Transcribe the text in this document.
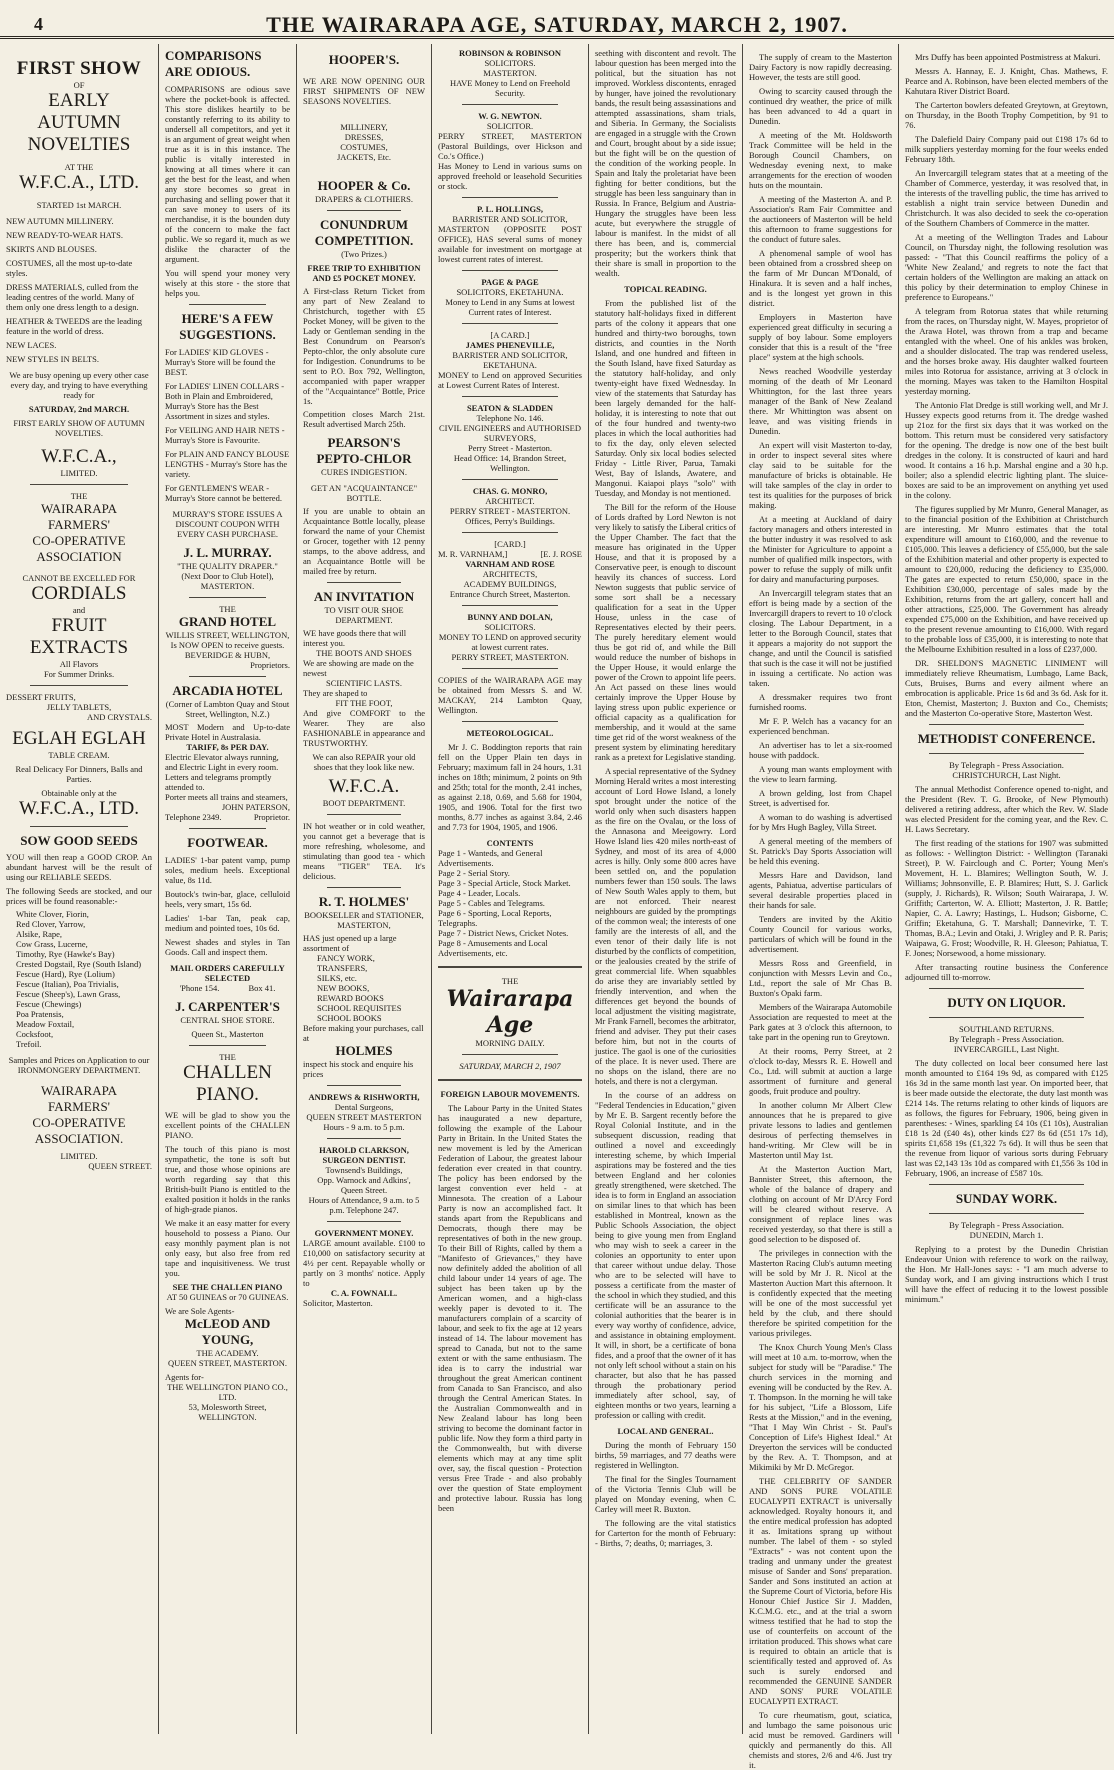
4	THE WAIRARAPA AGE, SATURDAY, MARCH 2, 1907.
FIRST SHOW
OF
EARLY
AUTUMN
NOVELTIES
AT THE
W.F.C.A., LTD.
STARTED 1st MARCH.
NEW AUTUMN MILLINERY.
NEW READY-TO-WEAR HATS.
SKIRTS AND BLOUSES.
COSTUMES, all the most up-to-date styles.
DRESS MATERIALS, culled from the leading centres of the world. Many of them only one dress length to a design.
HEATHER & TWEEDS are the leading feature in the world of dress.
NEW LACES.
NEW STYLES IN BELTS.
We are busy opening up every other case every day, and trying to have everything ready for
SATURDAY, 2nd MARCH.
FIRST EARLY SHOW OF AUTUMN NOVELTIES.
W.F.C.A.,
LIMITED.
THE
WAIRARAPA
FARMERS'
CO-OPERATIVE
ASSOCIATION
CANNOT BE EXCELLED FOR
CORDIALS
and
FRUIT EXTRACTS
All Flavors
For Summer Drinks.
DESSERT FRUITS,
JELLY TABLETS,
AND CRYSTALS.
EGLAH EGLAH
TABLE CREAM.
Real Delicacy For Dinners, Balls and Parties.
Obtainable only at the
W.F.C.A., LTD.
SOW GOOD SEEDS
YOU will then reap a GOOD CROP. An abundant harvest will be the result of using our RELIABLE SEEDS.
The following Seeds are stocked, and our prices will be found reasonable:-
White Clover, Fiorin,
Red Clover, Yarrow,
Alsike, Rape,
Cow Grass, Lucerne,
Timothy, Rye (Hawke's Bay)
Crested Dogstail, Rye (South Island)
Fescue (Hard), Rye (Lolium)
Fescue (Italian), Poa Trivialis,
Fescue (Sheep's), Lawn Grass,
Fescue (Chewings)
Poa Pratensis,
Meadow Foxtail,
Cocksfoot,
Trefoil.
Samples and Prices on Application to our IRONMONGERY DEPARTMENT.
WAIRARAPA
FARMERS'
CO-OPERATIVE
ASSOCIATION.
LIMITED.
QUEEN STREET.
COMPARISONS
ARE ODIOUS.
COMPARISONS are odious save where the pocket-book is affected. This store dislikes heartily to be constantly referring to its ability to undersell all competitors, and yet it is an argument of great weight when true as it is in this instance. The public is vitally interested in knowing at all times where it can get the best for the least, and when any store becomes so great in purchasing and selling power that it can save money to users of its merchandise, it is the bounden duty of the concern to make the fact public. We so regard it, much as we dislike the character of the argument.
You will spend your money very wisely at this store - the store that helps you.
HERE'S A FEW
SUGGESTIONS.
For LADIES' KID GLOVES - Murray's Store will be found the BEST.
For LADIES' LINEN COLLARS - Both in Plain and Embroidered, Murray's Store has the Best Assortment in sizes and styles.
For VEILING AND HAIR NETS - Murray's Store is Favourite.
For PLAIN AND FANCY BLOUSE LENGTHS - Murray's Store has the variety.
For GENTLEMEN'S WEAR - Murray's Store cannot be bettered.
MURRAY'S STORE ISSUES A DISCOUNT COUPON WITH EVERY CASH PURCHASE.
J. L. MURRAY.
"THE QUALITY DRAPER."
(Next Door to Club Hotel),
MASTERTON.
THE
GRAND HOTEL
WILLIS STREET, WELLINGTON,
Is NOW OPEN to receive guests.
BEVERIDGE & HUBN,
Proprietors.
ARCADIA HOTEL
(Corner of Lambton Quay and Stout Street, Wellington, N.Z.)
MOST Modern and Up-to-date Private Hotel in Australasia.
TARIFF, 8s PER DAY.
Electric Elevator always running, and Electric Light in every room.
Letters and telegrams promptly attended to.
Porter meets all trains and steamers,
JOHN PATERSON,
Telephone 2349.	Proprietor.
FOOTWEAR.
LADIES' 1-bar patent vamp, pump soles, medium heels. Exceptional value, 8s 11d.
Boutock's twin-bar, glace, celluloid heels, very smart, 15s 6d.
Ladies' 1-bar Tan, peak cap, medium and pointed toes, 10s 6d.
Newest shades and styles in Tan Goods. Call and inspect them.
MAIL ORDERS CAREFULLY SELECTED
'Phone 154.	Box 41.
J. CARPENTER'S
CENTRAL SHOE STORE.
Queen St., Masterton
THE
CHALLEN
PIANO.
WE will be glad to show you the excellent points of the CHALLEN PIANO.
The touch of this piano is most sympathetic, the tone is soft but true, and those whose opinions are worth regarding say that this British-built Piano is entitled to the exalted position it holds in the ranks of high-grade pianos.
We make it an easy matter for every household to possess a Piano. Our easy monthly payment plan is not only easy, but also free from red tape and inquisitiveness. We trust you.
SEE THE CHALLEN PIANO
AT 50 GUINEAS or 70 GUINEAS.
We are Sole Agents-
McLEOD AND YOUNG,
THE ACADEMY.
QUEEN STREET, MASTERTON.
Agents for-
THE WELLINGTON PIANO CO., LTD.
53, Molesworth Street,
WELLINGTON.
HOOPER'S.
WE ARE NOW OPENING OUR FIRST SHIPMENTS OF NEW SEASONS NOVELTIES.
MILLINERY,
DRESSES,
COSTUMES,
JACKETS, Etc.
HOOPER & Co.
DRAPERS & CLOTHIERS.
CONUNDRUM
COMPETITION.
(Two Prizes.)
FREE TRIP TO EXHIBITION AND £5 POCKET MONEY.
A First-class Return Ticket from any part of New Zealand to Christchurch, together with £5 Pocket Money, will be given to the Lady or Gentleman sending in the Best Conundrum on Pearson's Pepto-chlor, the only absolute cure for Indigestion. Conundrums to be sent to P.O. Box 792, Wellington, accompanied with paper wrapper of the "Acquaintance" Bottle, Price 1s.
Competition closes March 21st. Result advertised March 25th.
PEARSON'S
PEPTO-CHLOR
CURES INDIGESTION.
GET AN "ACQUAINTANCE" BOTTLE.
If you are unable to obtain an Acquaintance Bottle locally, please forward the name of your Chemist or Grocer, together with 12 penny stamps, to the above address, and an Acquaintance Bottle will be mailed free by return.
AN INVITATION
TO VISIT OUR SHOE DEPARTMENT.
WE have goods there that will interest you.
THE BOOTS AND SHOES
We are showing are made on the newest
SCIENTIFIC LASTS.
They are shaped to
FIT THE FOOT,
And give COMFORT to the Wearer. They are also FASHIONABLE in appearance and TRUSTWORTHY.
We can also REPAIR your old shoes that they look like new.
W.F.C.A.
BOOT DEPARTMENT.
IN hot weather or in cold weather, you cannot get a beverage that is more refreshing, wholesome, and stimulating than good tea - which means "TIGER" TEA. It's delicious.
R. T. HOLMES'
BOOKSELLER and STATIONER,
MASTERTON,
HAS just opened up a large assortment of
FANCY WORK,
TRANSFERS,
SILKS, etc.
NEW BOOKS,
REWARD BOOKS
SCHOOL REQUISITES
SCHOOL BOOKS
Before making your purchases, call at
HOLMES
inspect his stock and enquire his prices
ANDREWS & RISHWORTH,
Dental Surgeons,
QUEEN STREET MASTERTON
Hours - 9 a.m. to 5 p.m.
HAROLD CLARKSON, SURGEON DENTIST.
Townsend's Buildings,
Opp. Warnock and Adkins',
Queen Street.
Hours of Attendance, 9 a.m. to 5 p.m. Telephone 247.
GOVERNMENT MONEY.
LARGE amount available. £100 to £10,000 on satisfactory security at 4½ per cent. Repayable wholly or partly on 3 months' notice. Apply to
C. A. FOWNALL.
Solicitor, Masterton.
ROBINSON & ROBINSON
SOLICITORS.
MASTERTON.
HAVE Money to Lend on Freehold Security.
W. G. NEWTON.
SOLICITOR.
PERRY STREET, MASTERTON (Pastoral Buildings, over Hickson and Co.'s Office.)
Has Money to Lend in various sums on approved freehold or leasehold Securities or stock.
P. L. HOLLINGS,
BARRISTER AND SOLICITOR,
MASTERTON (OPPOSITE POST OFFICE), HAS several sums of money available for investment on mortgage at lowest current rates of interest.
PAGE & PAGE
SOLICITORS, EKETAHUNA.
Money to Lend in any Sums at lowest Current rates of Interest.
[A CARD.]
JAMES PHENEVILLE,
BARRISTER AND SOLICITOR,
EKETAHUNA.
MONEY to Lend on approved Securities at Lowest Current Rates of Interest.
SEATON & SLADDEN
Telephone No. 146.
CIVIL ENGINEERS and AUTHORISED SURVEYORS,
Perry Street - Masterton.
Head Office: 14, Brandon Street, Wellington.
CHAS. G. MONRO,
ARCHITECT.
PERRY STREET - MASTERTON.
Offices, Perry's Buildings.
[CARD.]
M. R. VARNHAM,]	[E. J. ROSE
VARNHAM AND ROSE
ARCHITECTS,
ACADEMY BUILDINGS,
Entrance Church Street, Masterton.
BUNNY AND DOLAN,
SOLICITORS.
MONEY TO LEND on approved security at lowest current rates.
PERRY STREET, MASTERTON.
COPIES of the WAIRARAPA AGE may be obtained from Messrs S. and W. MACKAY, 214 Lambton Quay, Wellington.
METEOROLOGICAL.
Mr J. C. Boddington reports that rain fell on the Upper Plain ten days in February; maximum fall in 24 hours, 1.31 inches on 18th; minimum, 2 points on 9th and 25th; total for the month, 2.41 inches, as against 2.18, 0.69, and 5.68 for 1904, 1905, and 1906. Total for the first two months, 8.77 inches as against 3.84, 2.46 and 7.73 for 1904, 1905, and 1906.
CONTENTS
Page 1 - Wanteds, and General Advertisements.
Page 2 - Serial Story.
Page 3 - Special Article, Stock Market.
Page 4 - Leader, Locals.
Page 5 - Cables and Telegrams.
Page 6 - Sporting, Local Reports, Telegraphs.
Page 7 - District News, Cricket Notes.
Page 8 - Amusements and Local Advertisements, etc.
THE
Wairarapa Age
MORNING DAILY.
SATURDAY, MARCH 2, 1907
FOREIGN LABOUR MOVEMENTS.
The Labour Party in the United States has inaugurated a new departure, following the example of the Labour Party in Britain. In the United States the new movement is led by the American Federation of Labour, the greatest labour federation ever created in that country. The policy has been endorsed by the largest convention ever held - at Minnesota. The creation of a Labour Party is now an accomplished fact. It stands apart from the Republicans and Democrats, though there may be representatives of both in the new group. To their Bill of Rights, called by them a "Manifesto of Grievances," they have now definitely added the abolition of all child labour under 14 years of age. The subject has been taken up by the American women, and a high-class weekly paper is devoted to it. The manufacturers complain of a scarcity of labour, and seek to fix the age at 12 years instead of 14. The labour movement has spread to Canada, but not to the same extent or with the same enthusiasm. The idea is to carry the industrial war throughout the great American continent from Canada to San Francisco, and also through the Central American States. In the Australian Commonwealth and in New Zealand labour has long been striving to become the dominant factor in public life. Now they form a third party in the Commonwealth, but with diverse elements which may at any time split over, say, the fiscal question - Protection versus Free Trade - and also probably over the question of State employment and protective labour. Russia has long been
seething with discontent and revolt. The labour question has been merged into the political, but the situation has not improved. Workless discontents, enraged by hunger, have joined the revolutionary bands, the result being assassinations and attempted assassinations, sham trials, and Siberia. In Germany, the Socialists are engaged in a struggle with the Crown and Court, brought about by a side issue; but the fight will be on the question of the condition of the working people. In Spain and Italy the proletariat have been fighting for better conditions, but the struggle has been less sanguinary than in Russia. In France, Belgium and Austria-Hungary the struggles have been less acute, but everywhere the struggle of labour is manifest. In the midst of all there has been, and is, commercial prosperity; but the workers think that their share is small in proportion to the wealth.
TOPICAL READING.
From the published list of the statutory half-holidays fixed in different parts of the colony it appears that one hundred and thirty-two boroughs, town districts, and counties in the North Island, and one hundred and fifteen in the South Island, have fixed Saturday as the statutory half-holiday, and only twenty-eight have fixed Wednesday. In view of the statements that Saturday has been largely demanded for the half-holiday, it is interesting to note that out of the four hundred and twenty-two places in which the local authorities had to fix the day, only eleven selected Saturday. Only six local bodies selected Friday - Little River, Parua, Tamaki West, Bay of Islands, Awatere, and Mangonui. Kaiapoi plays "solo" with Tuesday, and Monday is not mentioned.
The Bill for the reform of the House of Lords drafted by Lord Newton is not very likely to satisfy the Liberal critics of the Upper Chamber. The fact that the measure has originated in the Upper House, and that it is proposed by a Conservative peer, is enough to discount heavily its chances of success. Lord Newton suggests that public service of some sort shall be a necessary qualification for a seat in the Upper House, unless in the case of Representatives elected by their peers. The purely hereditary element would thus be got rid of, and while the Bill would reduce the number of bishops in the Upper House, it would enlarge the power of the Crown to appoint life peers. An Act passed on these lines would certainly improve the Upper House by laying stress upon public experience or official capacity as a qualification for membership, and it would at the same time get rid of the worst weakness of the present system by eliminating hereditary rank as a pretext for Legislative standing.
A special representative of the Sydney Morning Herald writes a most interesting account of Lord Howe Island, a lonely spot brought under the notice of the world only when such disasters happen as the fire on the Ovalau, or the loss of the Annasona and Meeigowry. Lord Howe Island lies 420 miles north-east of Sydney, and most of its area of 4,000 acres is hilly. Only some 800 acres have been settled on, and the population numbers fewer than 150 souls. The laws of New South Wales apply to them, but are not enforced. Their nearest neighbours are guided by the promptings of the common weal; the interests of one family are the interests of all, and the even tenor of their daily life is not disturbed by the conflicts of competition, or the jealousies created by the strife of great commercial life. When squabbles do arise they are invariably settled by friendly intervention, and when the differences get beyond the bounds of local adjustment the visiting magistrate, Mr Frank Farnell, becomes the arbitrator, friend and adviser. They put their cases before him, but not in the courts of justice. The gaol is one of the curiosities of the place. It is never used. There are no shops on the island, there are no hotels, and there is not a clergyman.
In the course of an address on "Federal Tendencies in Education," given by Mr E. B. Sargent recently before the Royal Colonial Institute, and in the subsequent discussion, reading that outlined a novel and exceedingly interesting scheme, by which Imperial aspirations may be fostered and the ties between England and her colonies greatly strengthened, were sketched. The idea is to form in England an association on similar lines to that which has been established in Montreal, known as the Public Schools Association, the object being to give young men from England who may wish to seek a career in the colonies an opportunity to enter upon that career without undue delay. Those who are to be selected will have to possess a certificate from the master of the school in which they studied, and this certificate will be an assurance to the colonial authorities that the bearer is in every way worthy of confidence, advice, and assistance in obtaining employment. It will, in short, be a certificate of bona fides, and a proof that the owner of it has not only left school without a stain on his character, but also that he has passed through the probationary period immediately after school, say, of eighteen months or two years, learning a profession or calling with credit.
LOCAL AND GENERAL.
During the month of February 150 births, 59 marriages, and 77 deaths were registered in Wellington.
The final for the Singles Tournament of the Victoria Tennis Club will be played on Monday evening, when C. Carley will meet R. Buxton.
The following are the vital statistics for Carterton for the month of February: - Births, 7; deaths, 0; marriages, 3.
The supply of cream to the Masterton Dairy Factory is now rapidly decreasing. However, the tests are still good.
Owing to scarcity caused through the continued dry weather, the price of milk has been advanced to 4d a quart in Dunedin.
A meeting of the Mt. Holdsworth Track Committee will be held in the Borough Council Chambers, on Wednesday evening next, to make arrangements for the erection of wooden huts on the mountain.
A meeting of the Masterton A. and P. Association's Ram Fair Committee and the auctioneers of Masterton will be held this afternoon to frame suggestions for the conduct of future sales.
A phenomenal sample of wool has been obtained from a crossbred sheep on the farm of Mr Duncan M'Donald, of Hinakura. It is seven and a half inches, and is the longest yet grown in this district.
Employers in Masterton have experienced great difficulty in securing a supply of boy labour. Some employers consider that this is a result of the "free place" system at the high schools.
News reached Woodville yesterday morning of the death of Mr Leonard Whittington, for the last three years manager of the Bank of New Zealand there. Mr Whittington was absent on leave, and was visiting friends in Dunedin.
An expert will visit Masterton to-day, in order to inspect several sites where clay said to be suitable for the manufacture of bricks is obtainable. He will take samples of the clay in order to test its qualities for the purposes of brick making.
At a meeting at Auckland of dairy factory managers and others interested in the butter industry it was resolved to ask the Minister for Agriculture to appoint a number of qualified milk inspectors, with power to refuse the supply of milk unfit for dairy and manufacturing purposes.
An Invercargill telegram states that an effort is being made by a section of the Invercargill drapers to revert to 10 o'clock closing. The Labour Department, in a letter to the Borough Council, states that it appears a majority do not support the change, and until the Council is satisfied that such is the case it will not be justified in issuing a certificate. No action was taken.
A dressmaker requires two front furnished rooms.
Mr F. P. Welch has a vacancy for an experienced benchman.
An advertiser has to let a six-roomed house with paddock.
A young man wants employment with the view to learn farming.
A brown gelding, lost from Chapel Street, is advertised for.
A woman to do washing is advertised for by Mrs Hugh Bagley, Villa Street.
A general meeting of the members of St. Patrick's Day Sports Association will be held this evening.
Messrs Hare and Davidson, land agents, Pahiatua, advertise particulars of several desirable properties placed in their hands for sale.
Tenders are invited by the Akitio County Council for various works, particulars of which will be found in the advertisement.
Messrs Ross and Greenfield, in conjunction with Messrs Levin and Co., Ltd., report the sale of Mr Chas B. Buxton's Opaki farm.
Members of the Wairarapa Automobile Association are requested to meet at the Park gates at 3 o'clock this afternoon, to take part in the opening run to Greytown.
At their rooms, Perry Street, at 2 o'clock to-day, Messrs R. E. Howell and Co., Ltd. will submit at auction a large assortment of furniture and general goods, fruit produce and poultry.
In another column Mr Albert Clew announces that he is prepared to give private lessons to ladies and gentlemen desirous of perfecting themselves in hand-writing. Mr Clew will be in Masterton until May 1st.
At the Masterton Auction Mart, Bannister Street, this afternoon, the whole of the balance of drapery and clothing on account of Mr D'Arcy Ford will be cleared without reserve. A consignment of replace lines was received yesterday, so that there is still a good selection to be disposed of.
The privileges in connection with the Masterton Racing Club's autumn meeting will be sold by Mr J. R. Nicol at the Masterton Auction Mart this afternoon. It is confidently expected that the meeting will be one of the most successful yet held by the club, and there should therefore be spirited competition for the various privileges.
The Knox Church Young Men's Class will meet at 10 a.m. to-morrow, when the subject for study will be "Paradise." The church services in the morning and evening will be conducted by the Rev. A. T. Thompson. In the morning he will take for his subject, "Life a Blossom, Life Rests at the Mission," and in the evening, "That I May Win Christ - St. Paul's Conception of Life's Highest Ideal." At Dreyerton the services will be conducted by the Rev. A. T. Thompson, and at Mikimiki by Mr D. McGregor.
THE CELEBRITY OF SANDER AND SONS PURE VOLATILE EUCALYPTI EXTRACT is universally acknowledged. Royalty honours it, and the entire medical profession has adopted it as. Imitations sprang up without number. The label of them - so styled "Extracts" - was not content upon the trading and unmany under the greatest misuse of Sander and Sons' preparation. Sander and Sons instituted an action at the Supreme Court of Victoria, before His Honour Chief Justice Sir J. Madden, K.C.M.G. etc., and at the trial a sworn witness testified that he had to stop the use of counterfeits on account of the irritation produced. This shows what care is required to obtain an article that is scientifically tested and approved of. As such is surely endorsed and recommended the GENUINE SANDER AND SONS' PURE VOLATILE EUCALYPTI EXTRACT.
To cure rheumatism, gout, sciatica, and lumbago the same poisonous uric acid must be removed. Gardiners will quickly and permanently do this. All chemists and stores, 2/6 and 4/6. Just try it.
Mrs Duffy has been appointed Postmistress at Makuri.
Messrs A. Hannay, E. J. Knight, Chas. Mathews, F. Pearce and A. Robinson, have been elected members of the Kahutara River District Board.
The Carterton bowlers defeated Greytown, at Greytown, on Thursday, in the Booth Trophy Competition, by 91 to 76.
The Dalefield Dairy Company paid out £198 17s 6d to milk suppliers yesterday morning for the four weeks ended February 18th.
An Invercargill telegram states that at a meeting of the Chamber of Commerce, yesterday, it was resolved that, in the interests of the travelling public, the time has arrived to establish a night train service between Dunedin and Christchurch. It was also decided to seek the co-operation of the Southern Chambers of Commerce in the matter.
At a meeting of the Wellington Trades and Labour Council, on Thursday night, the following resolution was passed: - "That this Council reaffirms the policy of a 'White New Zealand,' and regrets to note the fact that certain holders of the Wellington are making an attack on this policy by their determination to employ Chinese in preference to Europeans."
A telegram from Rotorua states that while returning from the races, on Thursday night, W. Mayes, proprietor of the Arawa Hotel, was thrown from a trap and became entangled with the wheel. One of his ankles was broken, and a shoulder dislocated. The trap was rendered useless, and the horses broke away. His daughter walked fourteen miles into Rotorua for assistance, arriving at 3 o'clock in the morning. Mayes was taken to the Hamilton Hospital yesterday morning.
The Antonio Flat Dredge is still working well, and Mr J. Hussey expects good returns from it. The dredge washed up 21oz for the first six days that it was worked on the bottom. This return must be considered very satisfactory for the opening. The dredge is now one of the best built dredges in the colony. It is constructed of kauri and hard wood. It contains a 16 h.p. Marshal engine and a 30 h.p. boiler; also a splendid electric lighting plant. The sluice-boxes are said to be an improvement on anything yet used in the colony.
The figures supplied by Mr Munro, General Manager, as to the financial position of the Exhibition at Christchurch are interesting. Mr Munro estimates that the total expenditure will amount to £160,000, and the revenue to £105,000. This leaves a deficiency of £55,000, but the sale of the Exhibition material and other property is expected to amount to £20,000, reducing the deficiency to £35,000. The gates are expected to return £50,000, space in the Exhibition £30,000, percentage of sales made by the Exhibition, returns from the art gallery, concert hall and other attractions, £25,000. The Government has already expended £75,000 on the Exhibition, and have received up to the present revenue amounting to £16,000. With regard to the probable loss of £35,000, it is interesting to note that the Melbourne Exhibition resulted in a loss of £237,000.
DR. SHELDON'S MAGNETIC LINIMENT will immediately relieve Rheumatism, Lumbago, Lame Back, Cuts, Bruises, Burns and every ailment where an embrocation is applicable. Price 1s 6d and 3s 6d. Ask for it. Eton, Chemist, Masterton; J. Buxton and Co., Chemists; and the Masterton Co-operative Store, Masterton West.
METHODIST CONFERENCE.
By Telegraph - Press Association.
CHRISTCHURCH, Last Night.
The annual Methodist Conference opened to-night, and the President (Rev. T. G. Brooke, of New Plymouth) delivered a retiring address, after which the Rev. W. Slade was elected President for the coming year, and the Rev. C. H. Laws Secretary.
The first reading of the stations for 1907 was submitted as follows: - Wellington District: - Wellington (Taranaki Street), P. W. Fairclough and C. Porter; Young Men's Movement, H. L. Blamires; Wellington South, W. J. Williams; Johnsonville, E. P. Blamires; Hutt, S. J. Garlick (supply, J. Richards), R. Wilson; South Wairarapa, J. W. Griffith; Carterton, W. A. Elliott; Masterton, J. R. Battle; Napier, C. A. Lawry; Hastings, L. Hudson; Gisborne, C. Griffin; Eketahuna, G. T. Marshall; Dannevirke, T. T. Thomas, B.A.; Levin and Otaki, J. Wrigley and P. R. Paris; Waipawa, G. Frost; Woodville, R. H. Gleeson; Pahiatua, T. F. Jones; Norsewood, a home missionary.
After transacting routine business the Conference adjourned till to-morrow.
DUTY ON LIQUOR.
SOUTHLAND RETURNS.
By Telegraph - Press Association.
INVERCARGILL, Last Night.
The duty collected on local beer consumed here last month amounted to £164 19s 9d, as compared with £125 16s 3d in the same month last year. On imported beer, that is beer made outside the electorate, the duty last month was £214 14s. The returns relating to other kinds of liquors are as follows, the figures for February, 1906, being given in parentheses: - Wines, sparkling £4 10s (£1 10s), Australian £18 1s 2d (£40 4s), other kinds £27 8s 6d (£51 17s 1d), spirits £1,658 19s (£1,322 7s 6d). It will thus be seen that the revenue from liquor of various sorts during February last was £2,143 13s 10d as compared with £1,556 3s 10d in February, 1906, an increase of £587 10s.
SUNDAY WORK.
By Telegraph - Press Association.
DUNEDIN, March 1.
Replying to a protest by the Dunedin Christian Endeavour Union with reference to work on the railway, the Hon. Mr Hall-Jones says: - "I am much adverse to Sunday work, and I am giving instructions which I trust will have the effect of reducing it to the lowest possible minimum."
